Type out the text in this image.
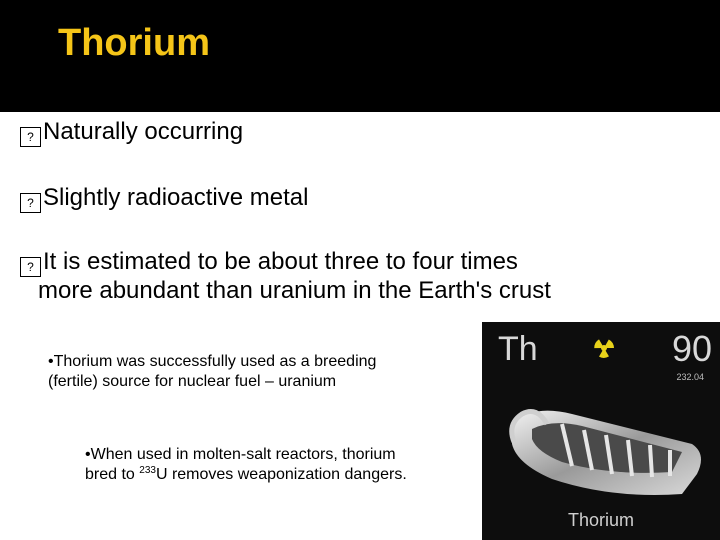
Thorium
? Naturally occurring
? Slightly radioactive metal
? It is estimated to be about three to four times
more abundant than uranium in the Earth's crust
•Thorium was successfully used as a breeding (fertile) source for nuclear fuel – uranium
•When used in molten-salt reactors, thorium bred to $^{233}$U removes weaponization dangers.
Th	90
232.04
Thorium
